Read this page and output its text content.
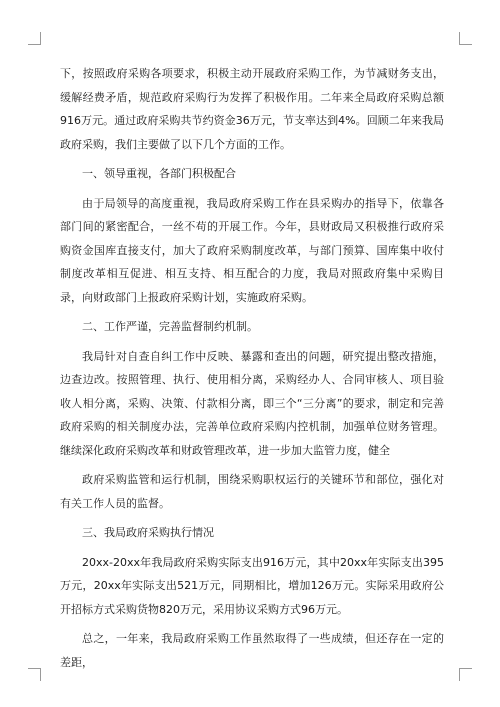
下，按照政府采购各项要求，积极主动开展政府采购工作，为节减财务支出，缓解经费矛盾，规范政府采购行为发挥了积极作用。二年来全局政府采购总额916万元。通过政府采购共节约资金36万元，节支率达到4%。回顾二年来我局政府采购，我们主要做了以下几个方面的工作。

一、领导重视，各部门积极配合

由于局领导的高度重视，我局政府采购工作在县采购办的指导下，依靠各部门间的紧密配合，一丝不苟的开展工作。今年，县财政局又积极推行政府采购资金国库直接支付，加大了政府采购制度改革，与部门预算、国库集中收付制度改革相互促进、相互支持、相互配合的力度，我局对照政府集中采购目录，向财政部门上报政府采购计划，实施政府采购。

二、工作严谨，完善监督制约机制。

我局针对自查自纠工作中反映、暴露和查出的问题，研究提出整改措施，边查边改。按照管理、执行、使用相分离，采购经办人、合同审核人、项目验收人相分离，采购、决策、付款相分离，即三个“三分离”的要求，制定和完善政府采购的相关制度办法，完善单位政府采购内控机制，加强单位财务管理。继续深化政府采购改革和财政管理改革，进一步加大监管力度，健全

政府采购监管和运行机制，围绕采购职权运行的关键环节和部位，强化对有关工作人员的监督。

三、我局政府采购执行情况

20xx-20xx年我局政府采购实际支出916万元，其中20xx年实际支出395万元，20xx年实际支出521万元，同期相比，增加126万元。实际采用政府公开招标方式采购货物820万元，采用协议采购方式96万元。

总之，一年来，我局政府采购工作虽然取得了一些成绩，但还存在一定的差距，
